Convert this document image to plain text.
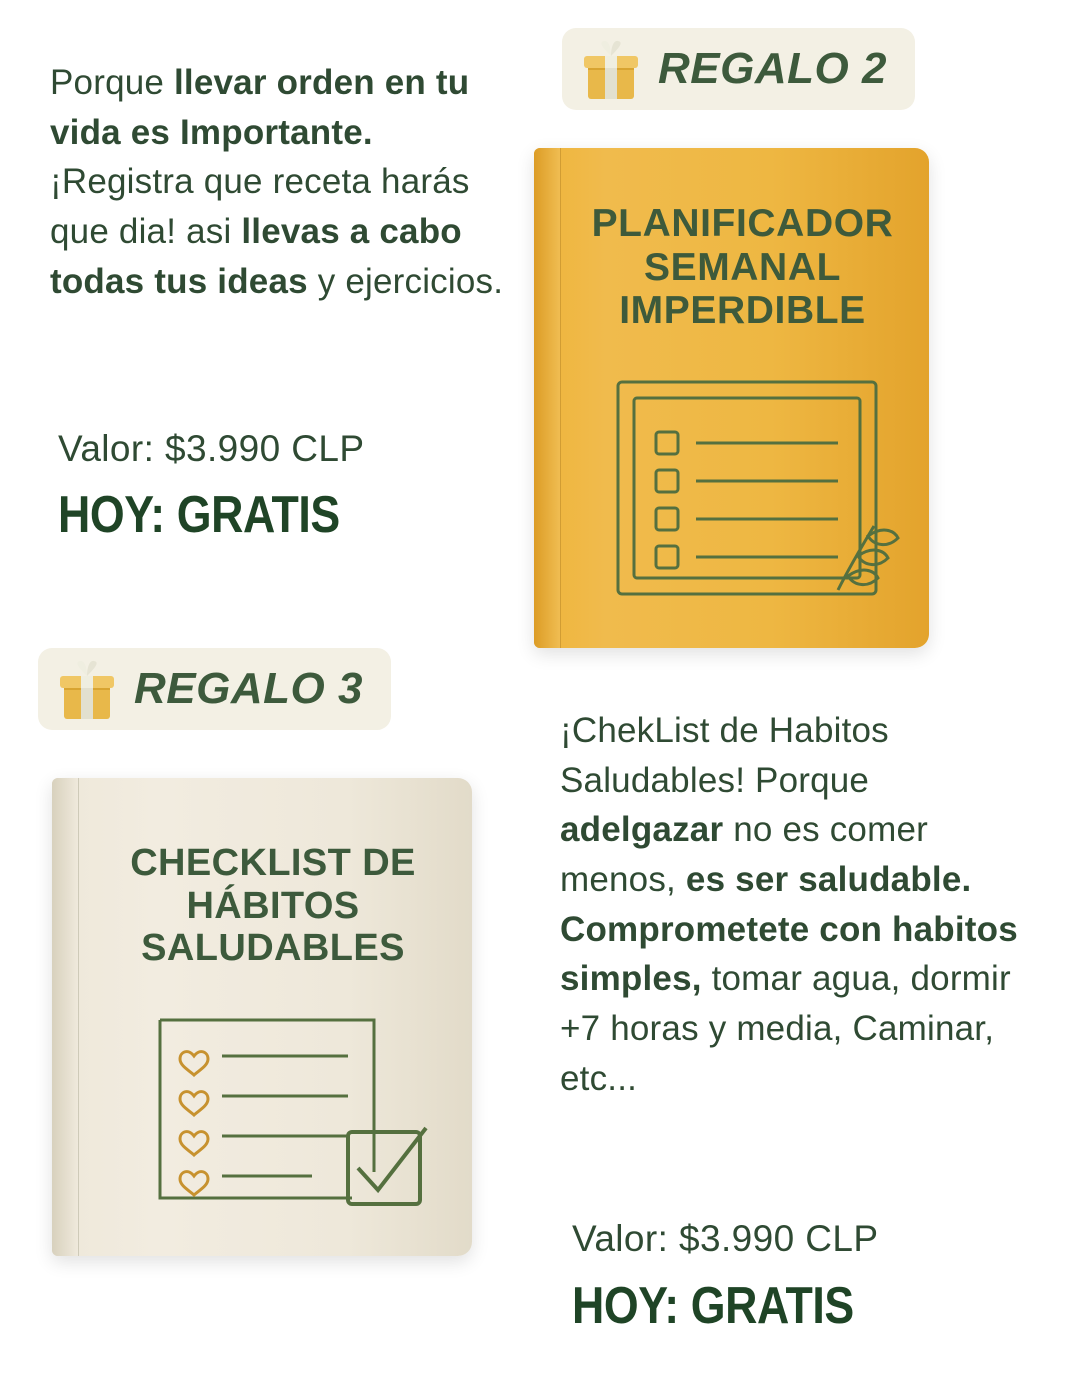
Porque llevar orden en tu vida es Importante. ¡Registra que receta harás que dia! asi llevas a cabo todas tus ideas y ejercicios.
Valor: $3.990 CLP
HOY: GRATIS
REGALO 2
PLANIFICADOR
SEMANAL
IMPERDIBLE
REGALO 3
CHECKLIST DE
HÁBITOS
SALUDABLES
¡ChekList de Habitos Saludables! Porque adelgazar no es comer menos, es ser saludable. Comprometete con habitos simples, tomar agua, dormir +7 horas y media, Caminar, etc...
Valor: $3.990 CLP
HOY: GRATIS
